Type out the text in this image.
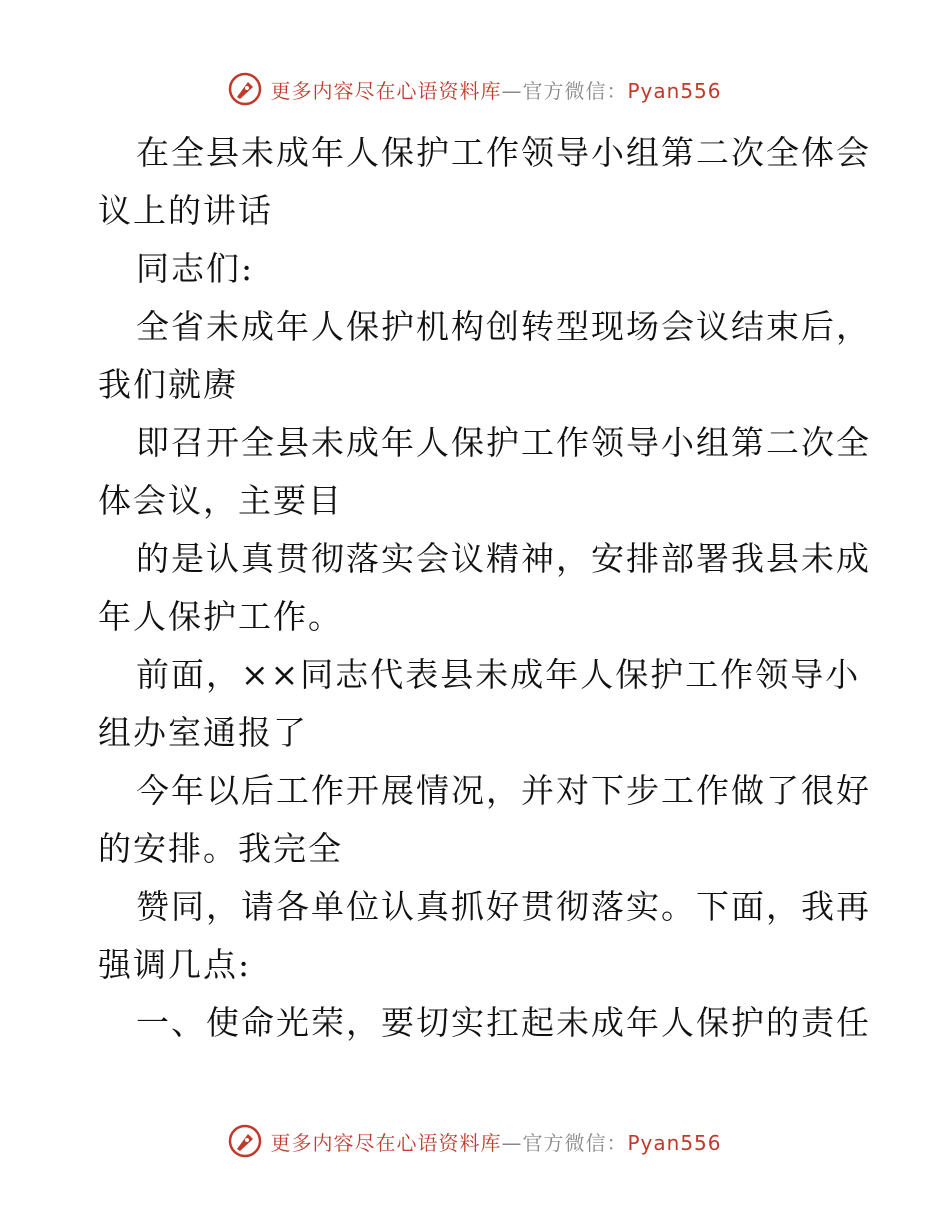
更多内容尽在心语资料库—官方微信：Pyan556
在全县未成年人保护工作领导小组第二次全体会
议上的讲话
同志们:
全省未成年人保护机构创转型现场会议结束后，
我们就赓
即召开全县未成年人保护工作领导小组第二次全
体会议，主要目
的是认真贯彻落实会议精神，安排部署我县未成
年人保护工作。
前面，××同志代表县未成年人保护工作领导小
组办室通报了
今年以后工作开展情况，并对下步工作做了很好
的安排。我完全
赞同，请各单位认真抓好贯彻落实。下面，我再
强调几点:
一、使命光荣，要切实扛起未成年人保护的责任
更多内容尽在心语资料库—官方微信：Pyan556
